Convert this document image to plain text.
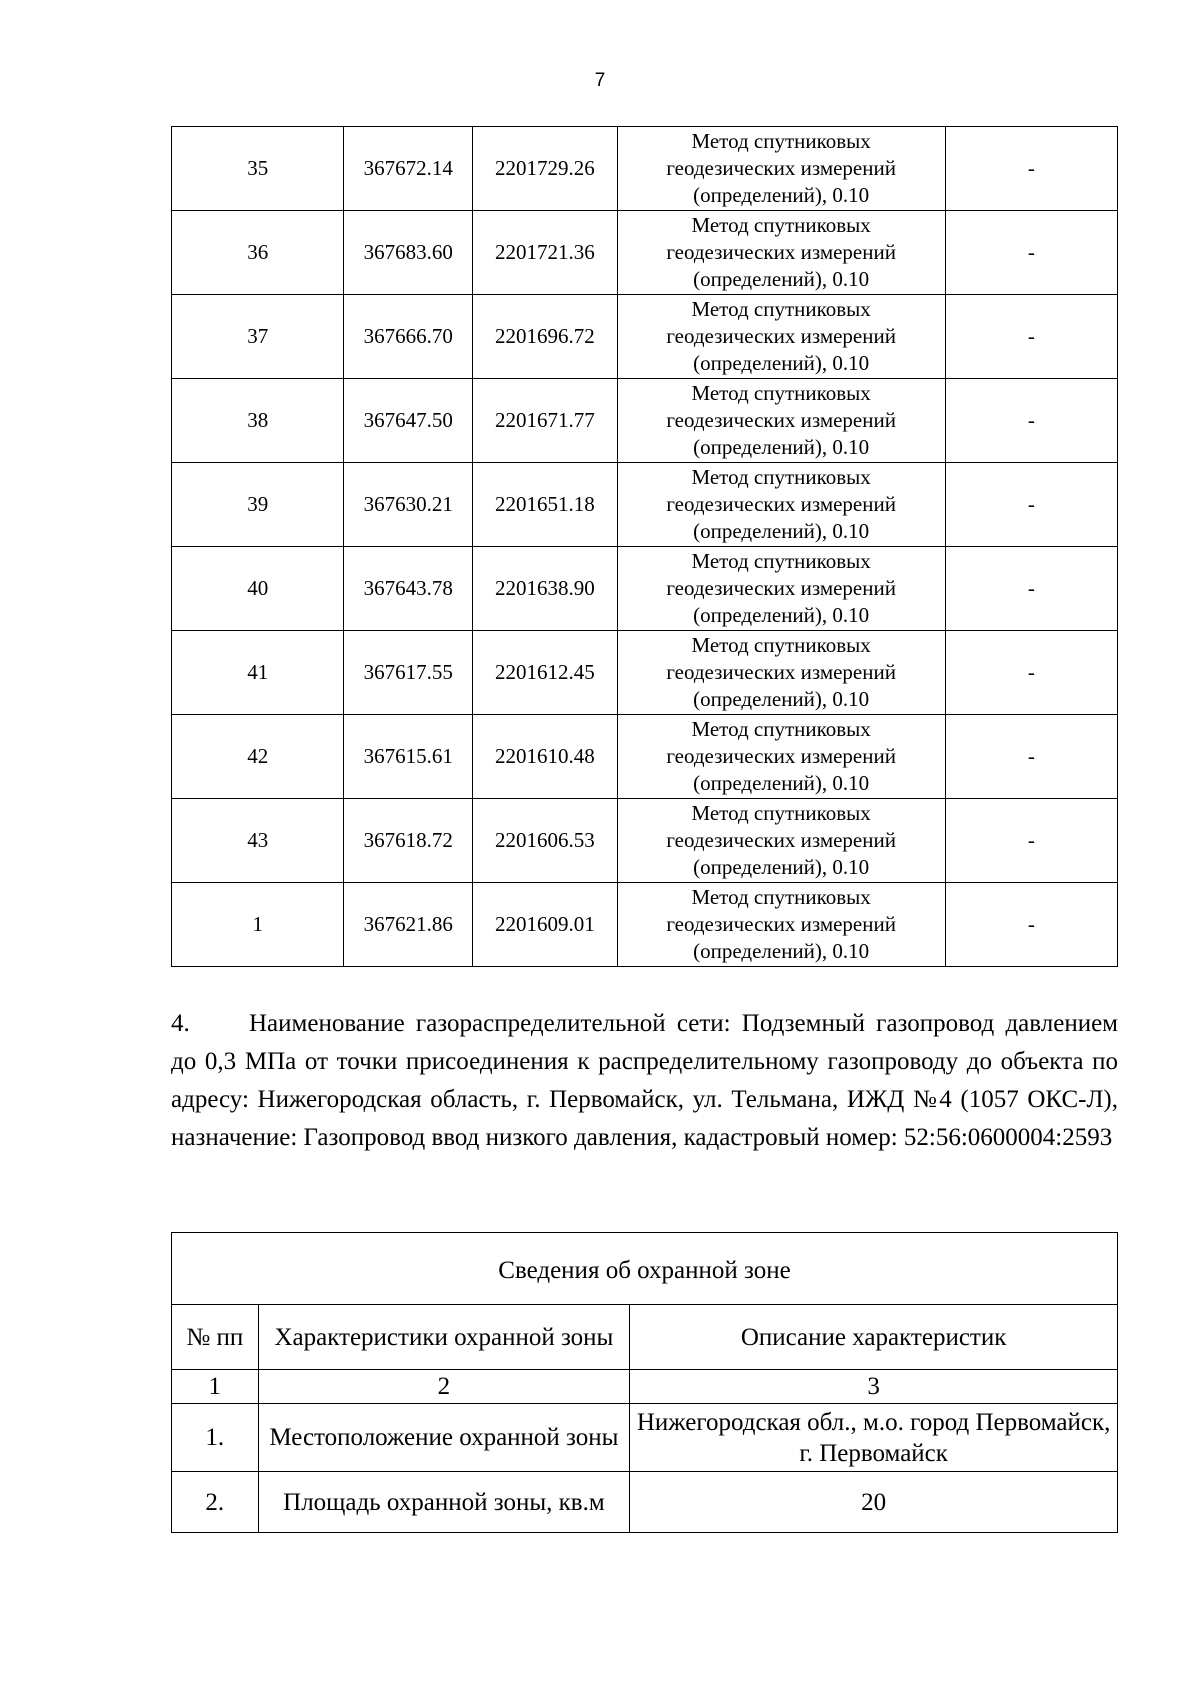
7
35	367672.14	2201729.26	Метод спутниковых
геодезических измерений
(определений), 0.10	-
36	367683.60	2201721.36	Метод спутниковых
геодезических измерений
(определений), 0.10	-
37	367666.70	2201696.72	Метод спутниковых
геодезических измерений
(определений), 0.10	-
38	367647.50	2201671.77	Метод спутниковых
геодезических измерений
(определений), 0.10	-
39	367630.21	2201651.18	Метод спутниковых
геодезических измерений
(определений), 0.10	-
40	367643.78	2201638.90	Метод спутниковых
геодезических измерений
(определений), 0.10	-
41	367617.55	2201612.45	Метод спутниковых
геодезических измерений
(определений), 0.10	-
42	367615.61	2201610.48	Метод спутниковых
геодезических измерений
(определений), 0.10	-
43	367618.72	2201606.53	Метод спутниковых
геодезических измерений
(определений), 0.10	-
1	367621.86	2201609.01	Метод спутниковых
геодезических измерений
(определений), 0.10	-
4. Наименование газораспределительной сети: Подземный газопровод давлением до 0,3 МПа от точки присоединения к распределительному газопроводу до объекта по адресу: Нижегородская область, г. Первомайск, ул. Тельмана, ИЖД №4 (1057 ОКС-Л), назначение: Газопровод ввод низкого давления, кадастровый номер: 52:56:0600004:2593
Сведения об охранной зоне		
№ пп	Характеристики охранной зоны	Описание характеристик
1	2	3
1.	Местоположение охранной зоны	Нижегородская обл., м.о. город Первомайск, г. Первомайск
2.	Площадь охранной зоны, кв.м	20
